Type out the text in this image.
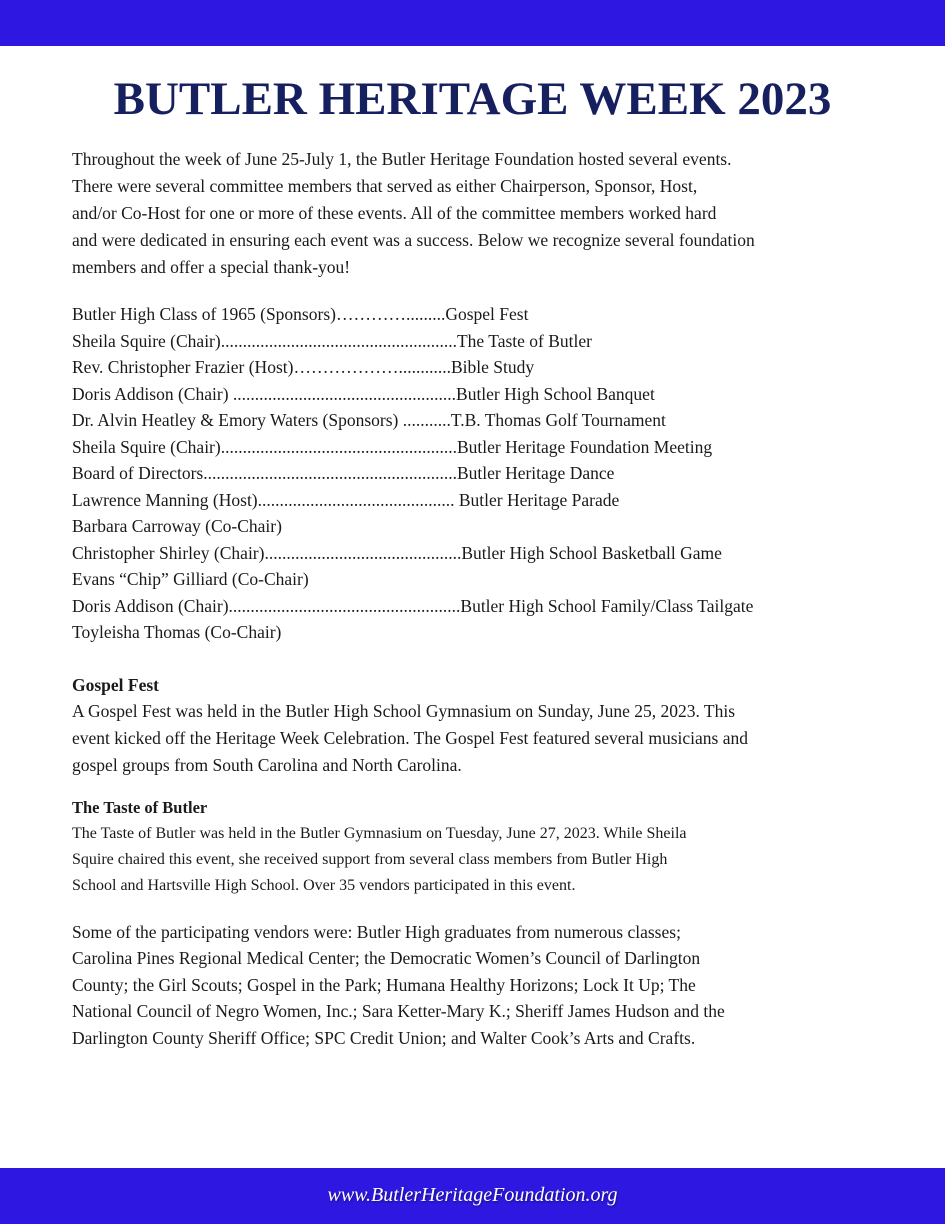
BUTLER HERITAGE WEEK 2023

Throughout the week of June 25-July 1, the Butler Heritage Foundation hosted several events.
There were several committee members that served as either Chairperson, Sponsor, Host,
and/or Co-Host for one or more of these events. All of the committee members worked hard
and were dedicated in ensuring each event was a success. Below we recognize several foundation
members and offer a special thank-you!

Butler High Class of 1965 (Sponsors)………….........Gospel Fest
Sheila Squire (Chair)......................................................The Taste of Butler
Rev. Christopher Frazier (Host)………………............Bible Study
Doris Addison (Chair) ...................................................Butler High School Banquet
Dr. Alvin Heatley & Emory Waters (Sponsors) ...........T.B. Thomas Golf Tournament
Sheila Squire (Chair)......................................................Butler Heritage Foundation Meeting
Board of Directors..........................................................Butler Heritage Dance
Lawrence Manning (Host)............................................. Butler Heritage Parade
Barbara Carroway (Co-Chair)
Christopher Shirley (Chair).............................................Butler High School Basketball Game
Evans “Chip” Gilliard (Co-Chair)
Doris Addison (Chair).....................................................Butler High School Family/Class Tailgate
Toyleisha Thomas (Co-Chair)

Gospel Fest

A Gospel Fest was held in the Butler High School Gymnasium on Sunday, June 25, 2023. This
event kicked off the Heritage Week Celebration. The Gospel Fest featured several musicians and
gospel groups from South Carolina and North Carolina.

The Taste of Butler

The Taste of Butler was held in the Butler Gymnasium on Tuesday, June 27, 2023. While Sheila
Squire chaired this event, she received support from several class members from Butler High
School and Hartsville High School. Over 35 vendors participated in this event.

Some of the participating vendors were: Butler High graduates from numerous classes;
Carolina Pines Regional Medical Center; the Democratic Women’s Council of Darlington
County; the Girl Scouts; Gospel in the Park; Humana Healthy Horizons; Lock It Up; The
National Council of Negro Women, Inc.; Sara Ketter-Mary K.; Sheriff James Hudson and the
Darlington County Sheriff Office; SPC Credit Union; and Walter Cook’s Arts and Crafts.

www.ButlerHeritageFoundation.org
